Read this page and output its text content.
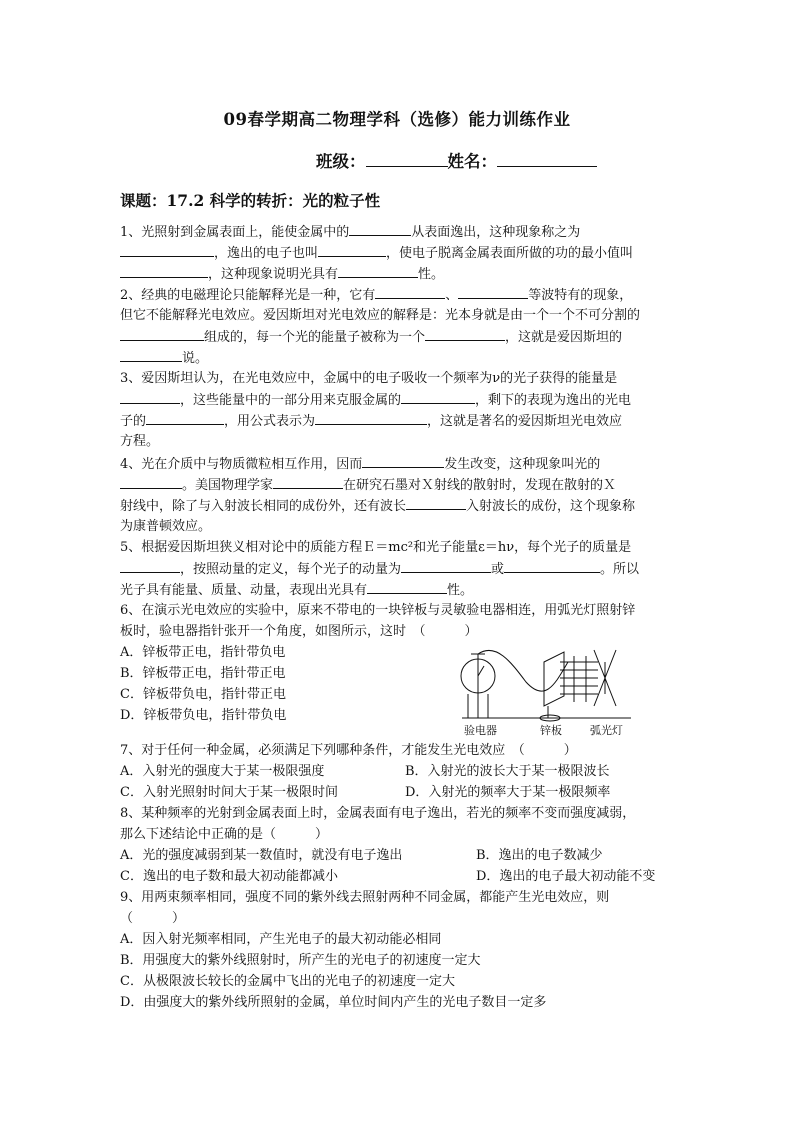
09春学期高二物理学科（选修）能力训练作业
班级：	姓名：
课题：17.2 科学的转折：光的粒子性
1、光照射到金属表面上，能使金属中的	从表面逸出，这种现象称之为
，逸出的电子也叫	，使电子脱离金属表面所做的功的最小值叫
，这种现象说明光具有	性。
2、经典的电磁理论只能解释光是一种，它有	、	等波特有的现象，
但它不能解释光电效应。爱因斯坦对光电效应的解释是：光本身就是由一个一个不可分割的
组成的，每一个光的能量子被称为一个	，这就是爱因斯坦的
说。
3、爱因斯坦认为，在光电效应中，金属中的电子吸收一个频率为ν的光子获得的能量是
，这些能量中的一部分用来克服金属的	，剩下的表现为逸出的光电
子的	，用公式表示为	，这就是著名的爱因斯坦光电效应
方程。
4、光在介质中与物质微粒相互作用，因而	发生改变，这种现象叫光的
。美国物理学家	在研究石墨对Ｘ射线的散射时，发现在散射的Ｘ
射线中，除了与入射波长相同的成份外，还有波长	入射波长的成份，这个现象称
为康普顿效应。
5、根据爱因斯坦狭义相对论中的质能方程Ｅ＝mc²和光子能量ε＝hν，每个光子的质量是
，按照动量的定义，每个光子的动量为	或	。所以
光子具有能量、质量、动量，表现出光具有	性。
6、在演示光电效应的实验中，原来不带电的一块锌板与灵敏验电器相连，用弧光灯照射锌
板时，验电器指针张开一个角度，如图所示，这时　（　　　）
A．锌板带正电，指针带负电
B．锌板带正电，指针带正电
C．锌板带负电，指针带正电
D．锌板带负电，指针带负电
验电器	锌板	弧光灯
7、对于任何一种金属，必须满足下列哪种条件，才能发生光电效应　（　　　）
A．入射光的强度大于某一极限强度	B．入射光的波长大于某一极限波长
C．入射光照射时间大于某一极限时间	D．入射光的频率大于某一极限频率
8、某种频率的光射到金属表面上时，金属表面有电子逸出，若光的频率不变而强度减弱，
那么下述结论中正确的是（　　　）
A．光的强度减弱到某一数值时，就没有电子逸出	B．逸出的电子数减少
C．逸出的电子数和最大初动能都减小	D．逸出的电子最大初动能不变
9、用两束频率相同，强度不同的紫外线去照射两种不同金属，都能产生光电效应，则
（　　　）
A．因入射光频率相同，产生光电子的最大初动能必相同
B．用强度大的紫外线照射时，所产生的光电子的初速度一定大
C．从极限波长较长的金属中飞出的光电子的初速度一定大
D．由强度大的紫外线所照射的金属，单位时间内产生的光电子数目一定多
